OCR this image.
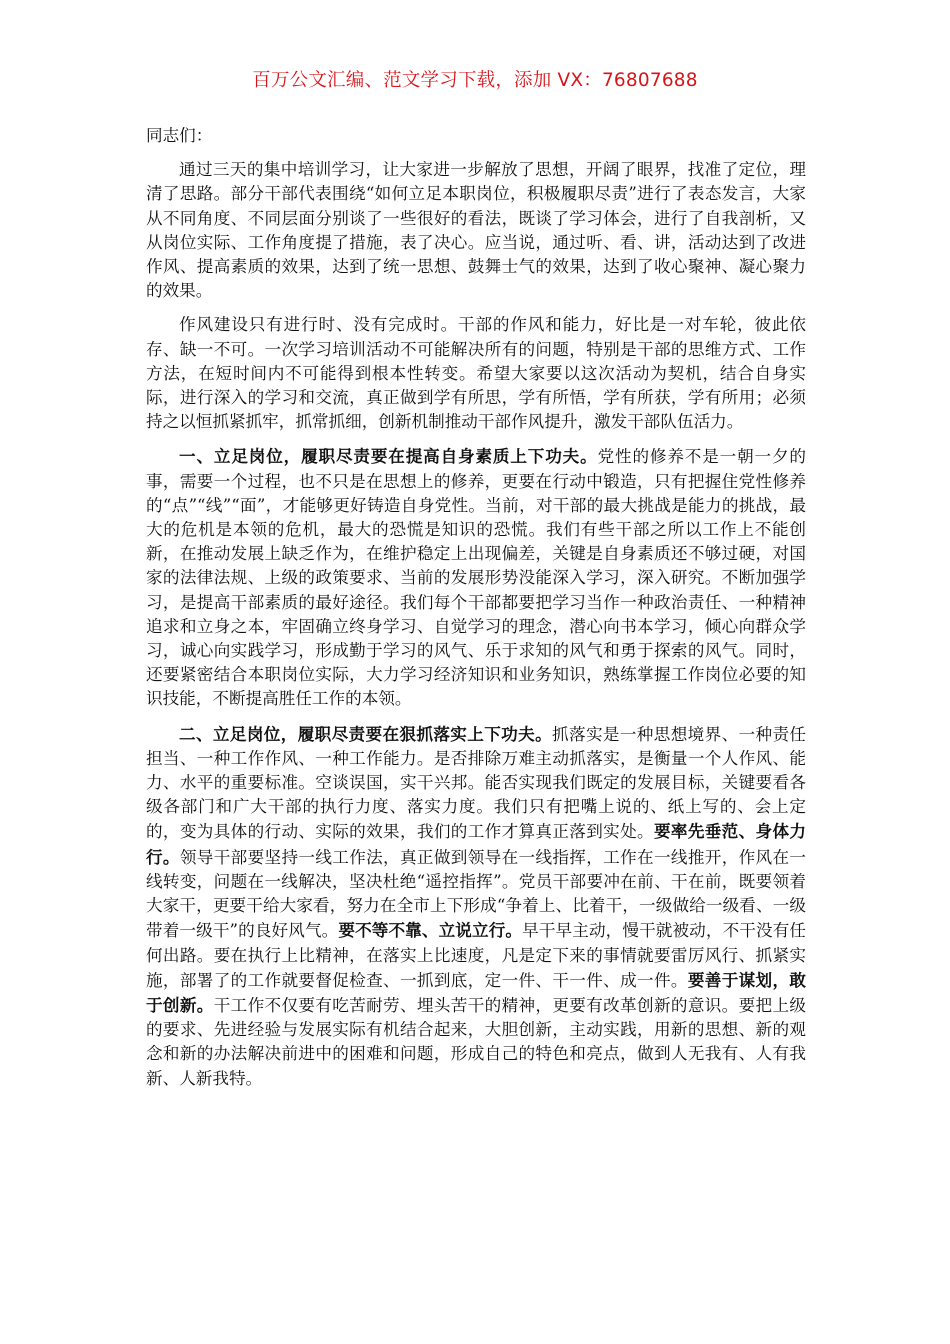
百万公文汇编、范文学习下载，添加 VX：76807688

同志们：

通过三天的集中培训学习，让大家进一步解放了思想，开阔了眼界，找准了定位，理清了思路。部分干部代表围绕“如何立足本职岗位，积极履职尽责”进行了表态发言，大家从不同角度、不同层面分别谈了一些很好的看法，既谈了学习体会，进行了自我剖析，又从岗位实际、工作角度提了措施，表了决心。应当说，通过听、看、讲，活动达到了改进作风、提高素质的效果，达到了统一思想、鼓舞士气的效果，达到了收心聚神、凝心聚力的效果。

作风建设只有进行时、没有完成时。干部的作风和能力，好比是一对车轮，彼此依存、缺一不可。一次学习培训活动不可能解决所有的问题，特别是干部的思维方式、工作方法，在短时间内不可能得到根本性转变。希望大家要以这次活动为契机，结合自身实际，进行深入的学习和交流，真正做到学有所思，学有所悟，学有所获，学有所用；必须持之以恒抓紧抓牢，抓常抓细，创新机制推动干部作风提升，激发干部队伍活力。

一、立足岗位，履职尽责要在提高自身素质上下功夫。党性的修养不是一朝一夕的事，需要一个过程，也不只是在思想上的修养，更要在行动中锻造，只有把握住党性修养的“点”“线”“面”，才能够更好铸造自身党性。当前，对干部的最大挑战是能力的挑战，最大的危机是本领的危机，最大的恐慌是知识的恐慌。我们有些干部之所以工作上不能创新，在推动发展上缺乏作为，在维护稳定上出现偏差，关键是自身素质还不够过硬，对国家的法律法规、上级的政策要求、当前的发展形势没能深入学习，深入研究。不断加强学习，是提高干部素质的最好途径。我们每个干部都要把学习当作一种政治责任、一种精神追求和立身之本，牢固确立终身学习、自觉学习的理念，潜心向书本学习，倾心向群众学习，诚心向实践学习，形成勤于学习的风气、乐于求知的风气和勇于探索的风气。同时，还要紧密结合本职岗位实际，大力学习经济知识和业务知识，熟练掌握工作岗位必要的知识技能，不断提高胜任工作的本领。

二、立足岗位，履职尽责要在狠抓落实上下功夫。抓落实是一种思想境界、一种责任担当、一种工作作风、一种工作能力。是否排除万难主动抓落实，是衡量一个人作风、能力、水平的重要标准。空谈误国，实干兴邦。能否实现我们既定的发展目标，关键要看各级各部门和广大干部的执行力度、落实力度。我们只有把嘴上说的、纸上写的、会上定的，变为具体的行动、实际的效果，我们的工作才算真正落到实处。要率先垂范、身体力行。领导干部要坚持一线工作法，真正做到领导在一线指挥，工作在一线推开，作风在一线转变，问题在一线解决，坚决杜绝“遥控指挥”。党员干部要冲在前、干在前，既要领着大家干，更要干给大家看，努力在全市上下形成“争着上、比着干，一级做给一级看、一级带着一级干”的良好风气。要不等不靠、立说立行。早干早主动，慢干就被动，不干没有任何出路。要在执行上比精神，在落实上比速度，凡是定下来的事情就要雷厉风行、抓紧实施，部署了的工作就要督促检查、一抓到底，定一件、干一件、成一件。要善于谋划，敢于创新。干工作不仅要有吃苦耐劳、埋头苦干的精神，更要有改革创新的意识。要把上级的要求、先进经验与发展实际有机结合起来，大胆创新，主动实践，用新的思想、新的观念和新的办法解决前进中的困难和问题，形成自己的特色和亮点，做到人无我有、人有我新、人新我特。
